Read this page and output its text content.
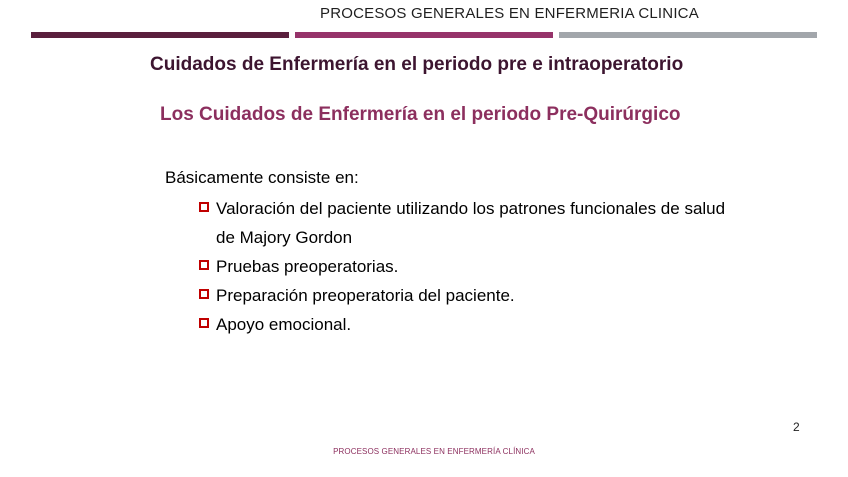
PROCESOS GENERALES EN ENFERMERIA CLINICA
Cuidados de Enfermería en el periodo pre e intraoperatorio
Los Cuidados de Enfermería en el periodo Pre-Quirúrgico
Básicamente consiste en:
Valoración del paciente utilizando los patrones funcionales de salud de Majory Gordon
Pruebas preoperatorias.
Preparación preoperatoria del paciente.
Apoyo emocional.
2
PROCESOS GENERALES EN ENFERMERÍA CLÍNICA
